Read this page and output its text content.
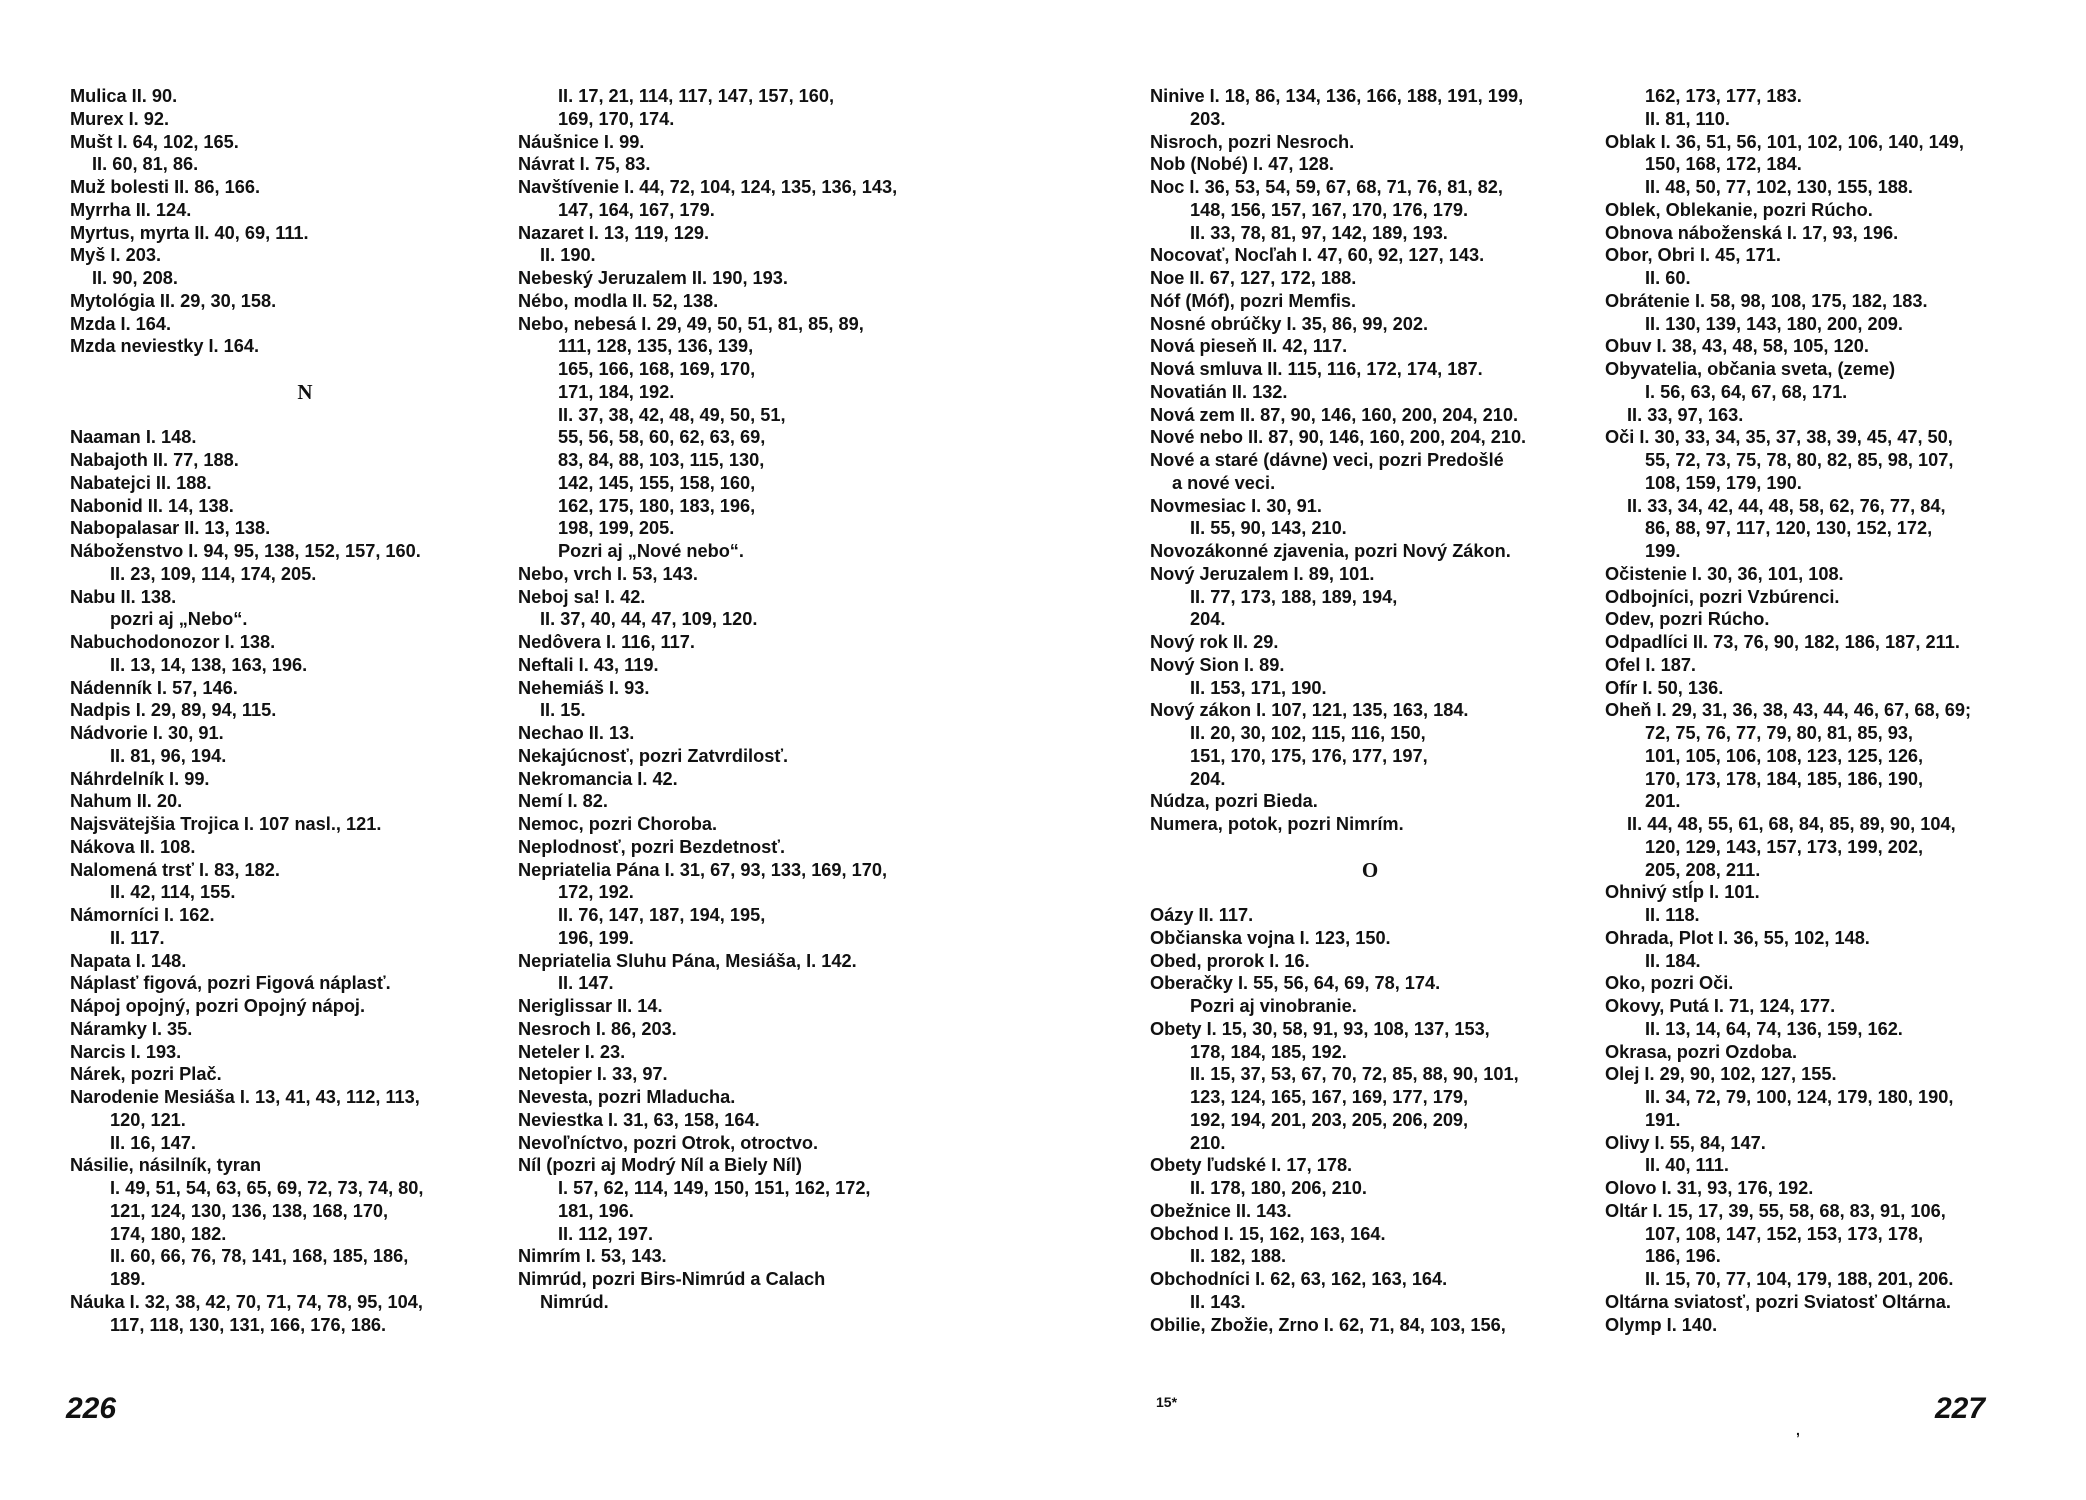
Mulica II. 90.
Murex I. 92.
Mušt I. 64, 102, 165.
II. 60, 81, 86.
Muž bolesti II. 86, 166.
Myrrha II. 124.
Myrtus, myrta II. 40, 69, 111.
Myš I. 203.
II. 90, 208.
Mytológia II. 29, 30, 158.
Mzda I. 164.
Mzda neviestky I. 164.
N
Naaman I. 148.
Nabajoth II. 77, 188.
Nabatejci II. 188.
Nabonid II. 14, 138.
Nabopalasar II. 13, 138.
Náboženstvo I. 94, 95, 138, 152, 157, 160.
II. 23, 109, 114, 174, 205.
Nabu II. 138.
pozri aj „Nebo“.
Nabuchodonozor I. 138.
II. 13, 14, 138, 163, 196.
Nádenník I. 57, 146.
Nadpis I. 29, 89, 94, 115.
Nádvorie I. 30, 91.
II. 81, 96, 194.
Náhrdelník I. 99.
Nahum II. 20.
Najsvätejšia Trojica I. 107 nasl., 121.
Nákova II. 108.
Nalomená trsť I. 83, 182.
II. 42, 114, 155.
Námorníci I. 162.
II. 117.
Napata I. 148.
Náplasť figová, pozri Figová náplasť.
Nápoj opojný, pozri Opojný nápoj.
Náramky I. 35.
Narcis I. 193.
Nárek, pozri Plač.
Narodenie Mesiáša I. 13, 41, 43, 112, 113,
120, 121.
II. 16, 147.
Násilie, násilník, tyran
I. 49, 51, 54, 63, 65, 69, 72, 73, 74, 80,
121, 124, 130, 136, 138, 168, 170,
174, 180, 182.
II. 60, 66, 76, 78, 141, 168, 185, 186,
189.
Náuka I. 32, 38, 42, 70, 71, 74, 78, 95, 104,
117, 118, 130, 131, 166, 176, 186.
II. 17, 21, 114, 117, 147, 157, 160,
169, 170, 174.
Náušnice I. 99.
Návrat I. 75, 83.
Navštívenie I. 44, 72, 104, 124, 135, 136, 143,
147, 164, 167, 179.
Nazaret I. 13, 119, 129.
II. 190.
Nebeský Jeruzalem II. 190, 193.
Nébo, modla II. 52, 138.
Nebo, nebesá I. 29, 49, 50, 51, 81, 85, 89,
111, 128, 135, 136, 139,
165, 166, 168, 169, 170,
171, 184, 192.
II. 37, 38, 42, 48, 49, 50, 51,
55, 56, 58, 60, 62, 63, 69,
83, 84, 88, 103, 115, 130,
142, 145, 155, 158, 160,
162, 175, 180, 183, 196,
198, 199, 205.
Pozri aj „Nové nebo“.
Nebo, vrch I. 53, 143.
Neboj sa! I. 42.
II. 37, 40, 44, 47, 109, 120.
Nedôvera I. 116, 117.
Neftali I. 43, 119.
Nehemiáš I. 93.
II. 15.
Nechao II. 13.
Nekajúcnosť, pozri Zatvrdilosť.
Nekromancia I. 42.
Nemí I. 82.
Nemoc, pozri Choroba.
Neplodnosť, pozri Bezdetnosť.
Nepriatelia Pána I. 31, 67, 93, 133, 169, 170,
172, 192.
II. 76, 147, 187, 194, 195,
196, 199.
Nepriatelia Sluhu Pána, Mesiáša, I. 142.
II. 147.
Neriglissar II. 14.
Nesroch I. 86, 203.
Neteler I. 23.
Netopier I. 33, 97.
Nevesta, pozri Mladucha.
Neviestka I. 31, 63, 158, 164.
Nevoľníctvo, pozri Otrok, otroctvo.
Níl (pozri aj Modrý Níl a Biely Níl)
I. 57, 62, 114, 149, 150, 151, 162, 172,
181, 196.
II. 112, 197.
Nimrím I. 53, 143.
Nimrúd, pozri Birs-Nimrúd a Calach
Nimrúd.
Ninive I. 18, 86, 134, 136, 166, 188, 191, 199,
203.
Nisroch, pozri Nesroch.
Nob (Nobé) I. 47, 128.
Noc I. 36, 53, 54, 59, 67, 68, 71, 76, 81, 82,
148, 156, 157, 167, 170, 176, 179.
II. 33, 78, 81, 97, 142, 189, 193.
Nocovať, Nocľah I. 47, 60, 92, 127, 143.
Noe II. 67, 127, 172, 188.
Nóf (Móf), pozri Memfis.
Nosné obrúčky I. 35, 86, 99, 202.
Nová pieseň II. 42, 117.
Nová smluva II. 115, 116, 172, 174, 187.
Novatián II. 132.
Nová zem II. 87, 90, 146, 160, 200, 204, 210.
Nové nebo II. 87, 90, 146, 160, 200, 204, 210.
Nové a staré (dávne) veci, pozri Predošlé
a nové veci.
Novmesiac I. 30, 91.
II. 55, 90, 143, 210.
Novozákonné zjavenia, pozri Nový Zákon.
Nový Jeruzalem I. 89, 101.
II. 77, 173, 188, 189, 194,
204.
Nový rok II. 29.
Nový Sion I. 89.
II. 153, 171, 190.
Nový zákon I. 107, 121, 135, 163, 184.
II. 20, 30, 102, 115, 116, 150,
151, 170, 175, 176, 177, 197,
204.
Núdza, pozri Bieda.
Numera, potok, pozri Nimrím.
O
Oázy II. 117.
Občianska vojna I. 123, 150.
Obed, prorok I. 16.
Oberačky I. 55, 56, 64, 69, 78, 174.
Pozri aj vinobranie.
Obety I. 15, 30, 58, 91, 93, 108, 137, 153,
178, 184, 185, 192.
II. 15, 37, 53, 67, 70, 72, 85, 88, 90, 101,
123, 124, 165, 167, 169, 177, 179,
192, 194, 201, 203, 205, 206, 209,
210.
Obety ľudské I. 17, 178.
II. 178, 180, 206, 210.
Obežnice II. 143.
Obchod I. 15, 162, 163, 164.
II. 182, 188.
Obchodníci I. 62, 63, 162, 163, 164.
II. 143.
Obilie, Zbožie, Zrno I. 62, 71, 84, 103, 156,
162, 173, 177, 183.
II. 81, 110.
Oblak I. 36, 51, 56, 101, 102, 106, 140, 149,
150, 168, 172, 184.
II. 48, 50, 77, 102, 130, 155, 188.
Oblek, Oblekanie, pozri Rúcho.
Obnova náboženská I. 17, 93, 196.
Obor, Obri I. 45, 171.
II. 60.
Obrátenie I. 58, 98, 108, 175, 182, 183.
II. 130, 139, 143, 180, 200, 209.
Obuv I. 38, 43, 48, 58, 105, 120.
Obyvatelia, občania sveta, (zeme)
I. 56, 63, 64, 67, 68, 171.
II. 33, 97, 163.
Oči I. 30, 33, 34, 35, 37, 38, 39, 45, 47, 50,
55, 72, 73, 75, 78, 80, 82, 85, 98, 107,
108, 159, 179, 190.
II. 33, 34, 42, 44, 48, 58, 62, 76, 77, 84,
86, 88, 97, 117, 120, 130, 152, 172,
199.
Očistenie I. 30, 36, 101, 108.
Odbojníci, pozri Vzbúrenci.
Odev, pozri Rúcho.
Odpadlíci II. 73, 76, 90, 182, 186, 187, 211.
Ofel I. 187.
Ofír I. 50, 136.
Oheň I. 29, 31, 36, 38, 43, 44, 46, 67, 68, 69;
72, 75, 76, 77, 79, 80, 81, 85, 93,
101, 105, 106, 108, 123, 125, 126,
170, 173, 178, 184, 185, 186, 190,
201.
II. 44, 48, 55, 61, 68, 84, 85, 89, 90, 104,
120, 129, 143, 157, 173, 199, 202,
205, 208, 211.
Ohnivý stĺp I. 101.
II. 118.
Ohrada, Plot I. 36, 55, 102, 148.
II. 184.
Oko, pozri Oči.
Okovy, Putá I. 71, 124, 177.
II. 13, 14, 64, 74, 136, 159, 162.
Okrasa, pozri Ozdoba.
Olej I. 29, 90, 102, 127, 155.
II. 34, 72, 79, 100, 124, 179, 180, 190,
191.
Olivy I. 55, 84, 147.
II. 40, 111.
Olovo I. 31, 93, 176, 192.
Oltár I. 15, 17, 39, 55, 58, 68, 83, 91, 106,
107, 108, 147, 152, 153, 173, 178,
186, 196.
II. 15, 70, 77, 104, 179, 188, 201, 206.
Oltárna sviatosť, pozri Sviatosť Oltárna.
Olymp I. 140.
226	227
15*
,
